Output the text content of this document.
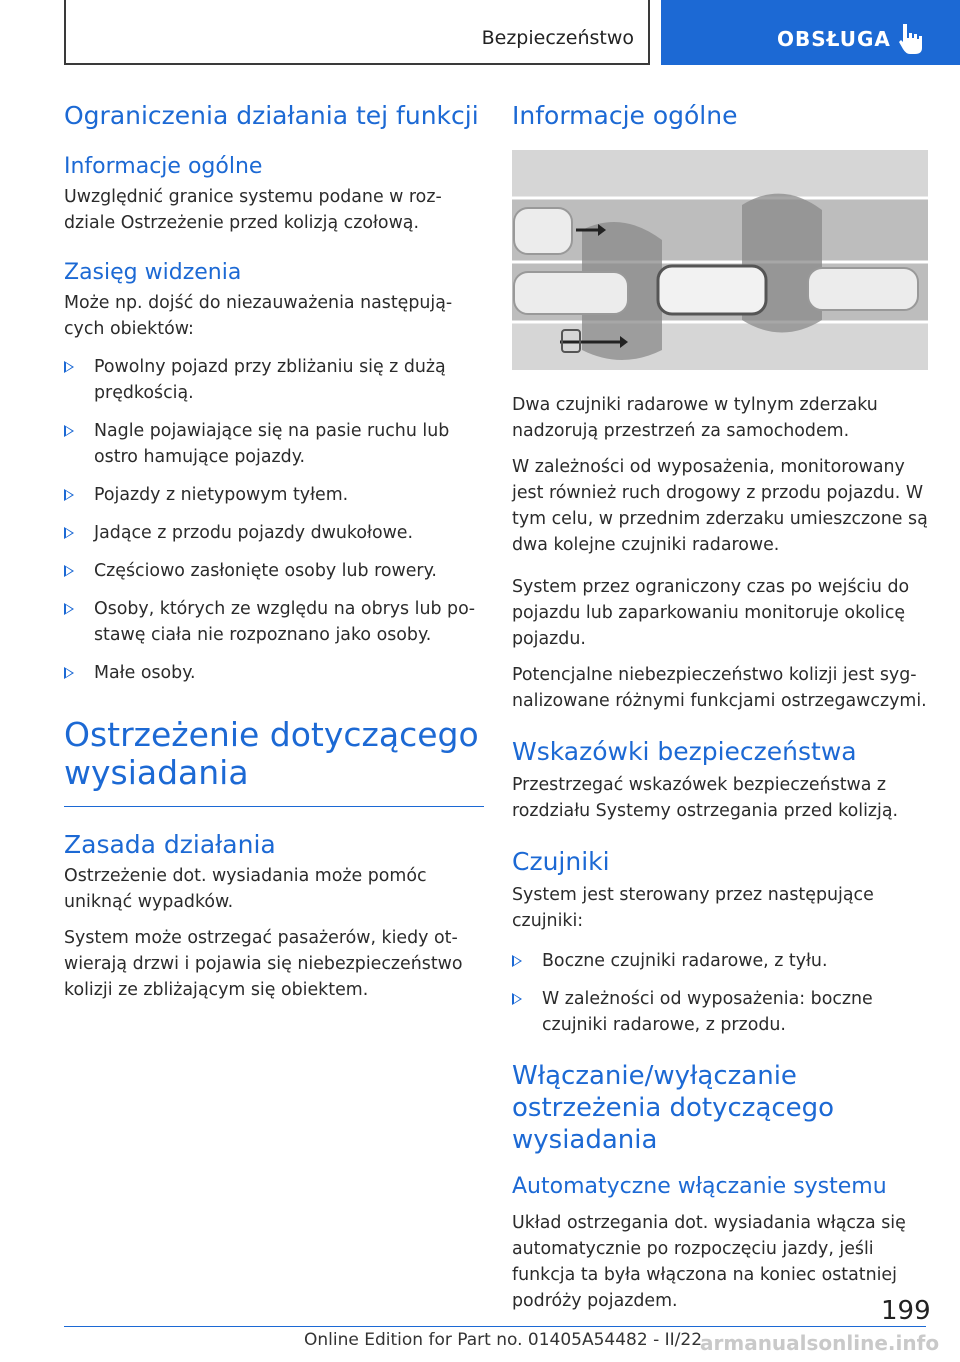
Bezpieczeństwo	OBSŁUGA
Ograniczenia działania tej funkcji
Informacje ogólne

Uwzględnić granice systemu podane w rozdziale Ostrzeżenie przed kolizją czołową.

Zasięg widzenia

Może np. dojść do niezauważenia następujących obiektów:

Powolny pojazd przy zbliżaniu się z dużą prędkością.
Nagle pojawiające się na pasie ruchu lub ostro hamujące pojazdy.
Pojazdy z nietypowym tyłem.
Jadące z przodu pojazdy dwukołowe.
Częściowo zasłonięte osoby lub rowery.
Osoby, których ze względu na obrys lub postawę ciała nie rozpoznano jako osoby.
Małe osoby.
Ostrzeżenie dotyczącego wysiadania
Zasada działania

Ostrzeżenie dot. wysiadania może pomóc uniknąć wypadków.

System może ostrzegać pasażerów, kiedy otwierają drzwi i pojawia się niebezpieczeństwo kolizji ze zbliżającym się obiektem.

Informacje ogólne

Dwa czujniki radarowe w tylnym zderzaku nadzorują przestrzeń za samochodem.

W zależności od wyposażenia, monitorowany jest również ruch drogowy z przodu pojazdu. W tym celu, w przednim zderzaku umieszczone są dwa kolejne czujniki radarowe.

System przez ograniczony czas po wejściu do pojazdu lub zaparkowaniu monitoruje okolicę pojazdu.

Potencjalne niebezpieczeństwo kolizji jest sygnalizowane różnymi funkcjami ostrzegawczymi.

Wskazówki bezpieczeństwa

Przestrzegać wskazówek bezpieczeństwa z rozdziału Systemy ostrzegania przed kolizją.

Czujniki

System jest sterowany przez następujące czujniki:

Boczne czujniki radarowe, z tyłu.
W zależności od wyposażenia: boczne czujniki radarowe, z przodu.
Włączanie/wyłączanie ostrzeżenia dotyczącego wysiadania
Automatyczne włączanie systemu

Układ ostrzegania dot. wysiadania włącza się automatycznie po rozpoczęciu jazdy, jeśli funkcja ta była włączona na koniec ostatniej podróży pojazdem.	199
Online Edition for Part no. 01405A54482 - II/22
armanualsonline.info
